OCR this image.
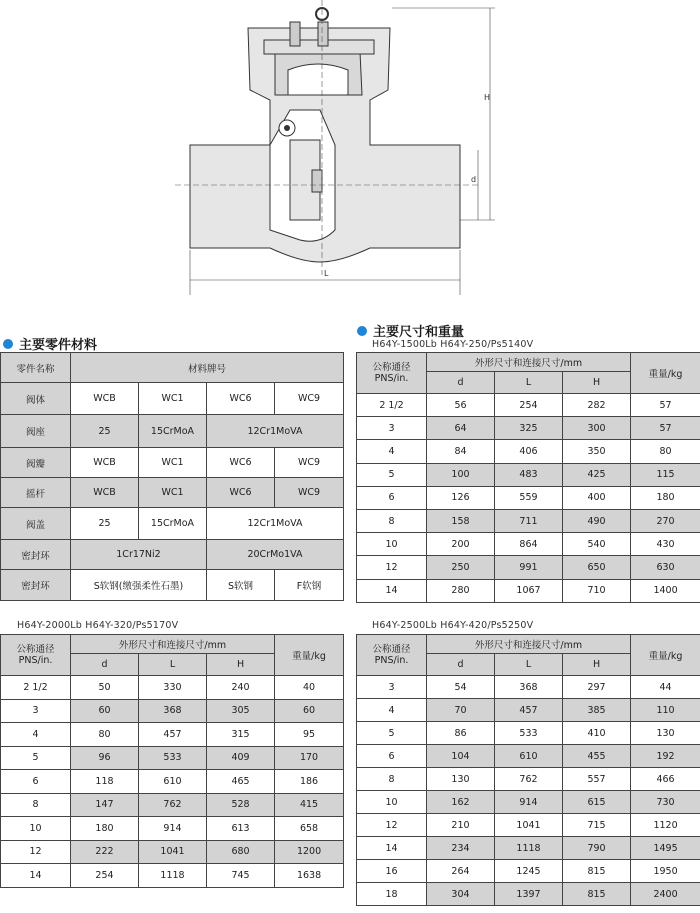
H
d
L
主要零件材料
主要尺寸和重量
零件名称	材料牌号			
阀体	WCB	WC1	WC6	WC9
阀座	25	15CrMoA	12Cr1MoVA	
阀瓣	WCB	WC1	WC6	WC9
摇杆	WCB	WC1	WC6	WC9
阀盖	25	15CrMoA	12Cr1MoVA	
密封环	1Cr17Ni2		20CrMo1VA	
密封环	S软钢(缴强柔性石墨)		S软钢	F软钢
H64Y-1500Lb H64Y-250/Ps5140V
公称通径
PNS/in.	外形尺寸和连接尺寸/mm			重量/kg
	d	L	H	
2 1/2	56	254	282	57
3	64	325	300	57
4	84	406	350	80
5	100	483	425	115
6	126	559	400	180
8	158	711	490	270
10	200	864	540	430
12	250	991	650	630
14	280	1067	710	1400
H64Y-2000Lb H64Y-320/Ps5170V
公称通径
PNS/in.	外形尺寸和连接尺寸/mm			重量/kg
	d	L	H	
2 1/2	50	330	240	40
3	60	368	305	60
4	80	457	315	95
5	96	533	409	170
6	118	610	465	186
8	147	762	528	415
10	180	914	613	658
12	222	1041	680	1200
14	254	1118	745	1638
H64Y-2500Lb H64Y-420/Ps5250V
公称通径
PNS/in.	外形尺寸和连接尺寸/mm			重量/kg
	d	L	H	
3	54	368	297	44
4	70	457	385	110
5	86	533	410	130
6	104	610	455	192
8	130	762	557	466
10	162	914	615	730
12	210	1041	715	1120
14	234	1118	790	1495
16	264	1245	815	1950
18	304	1397	815	2400
